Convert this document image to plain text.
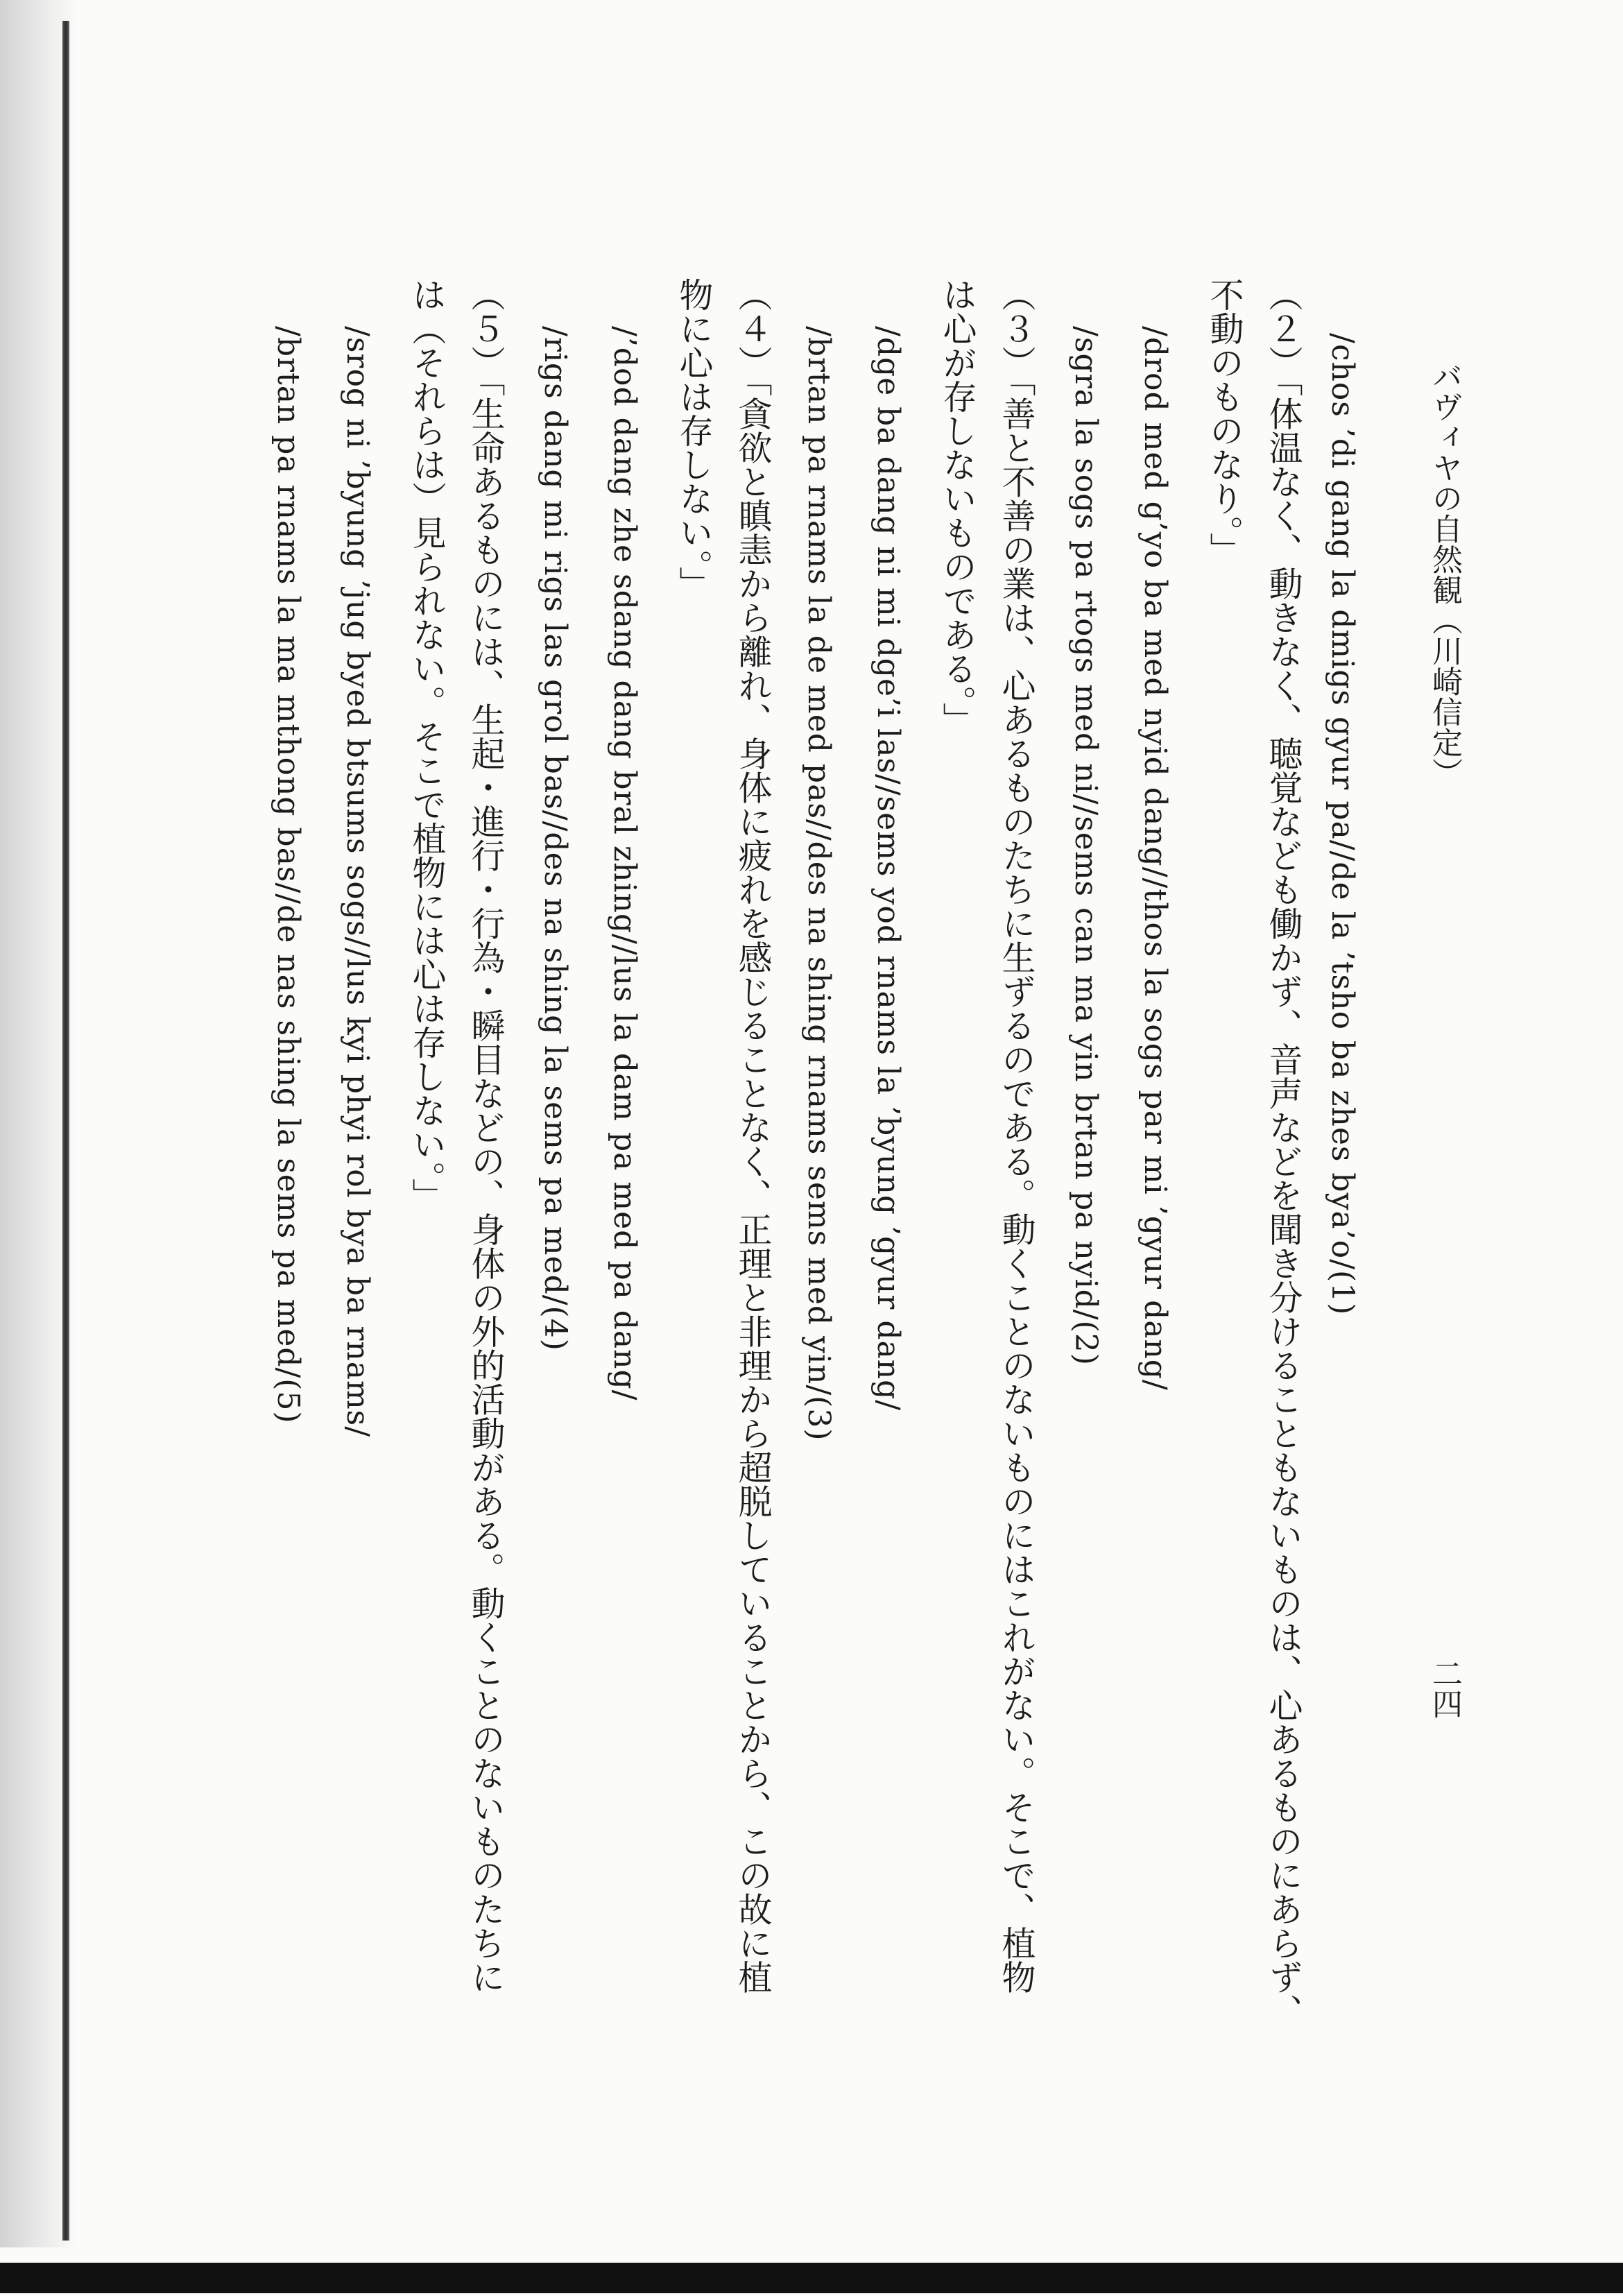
バヴィヤの自然観（川崎信定）
二四
/chos ’di gang la dmigs gyur pa//de la ’tsho ba zhes bya’o/(1)
（２）「体温なく、動きなく、聴覚なども働かず、音声などを聞き分けることもないものは、心あるものにあらず、
不動のものなり。」
/drod med g’yo ba med nyid dang//thos la sogs par mi ’gyur dang/
/sgra la sogs pa rtogs med ni//sems can ma yin brtan pa nyid/(2)
（３）「善と不善の業は、心あるものたちに生ずるのである。動くことのないものにはこれがない。そこで、植物
は心が存しないものである。」
/dge ba dang ni mi dge’i las//sems yod rnams la ’byung ’gyur dang/
/brtan pa rnams la de med pas//des na shing rnams sems med yin/(3)
（４）「貪欲と瞋恚から離れ、身体に疲れを感じることなく、正理と非理から超脱していることから、この故に植
物に心は存しない。」
/’dod dang zhe sdang dang bral zhing//lus la dam pa med pa dang/
/rigs dang mi rigs las grol bas//des na shing la sems pa med/(4)
（５）「生命あるものには、生起・進行・行為・瞬目などの、身体の外的活動がある。動くことのないものたちに
は（それらは）見られない。そこで植物には心は存しない。」
/srog ni ’byung ’jug byed btsums sogs//lus kyi phyi rol bya ba rnams/
/brtan pa rnams la ma mthong bas//de nas shing la sems pa med/(5)
